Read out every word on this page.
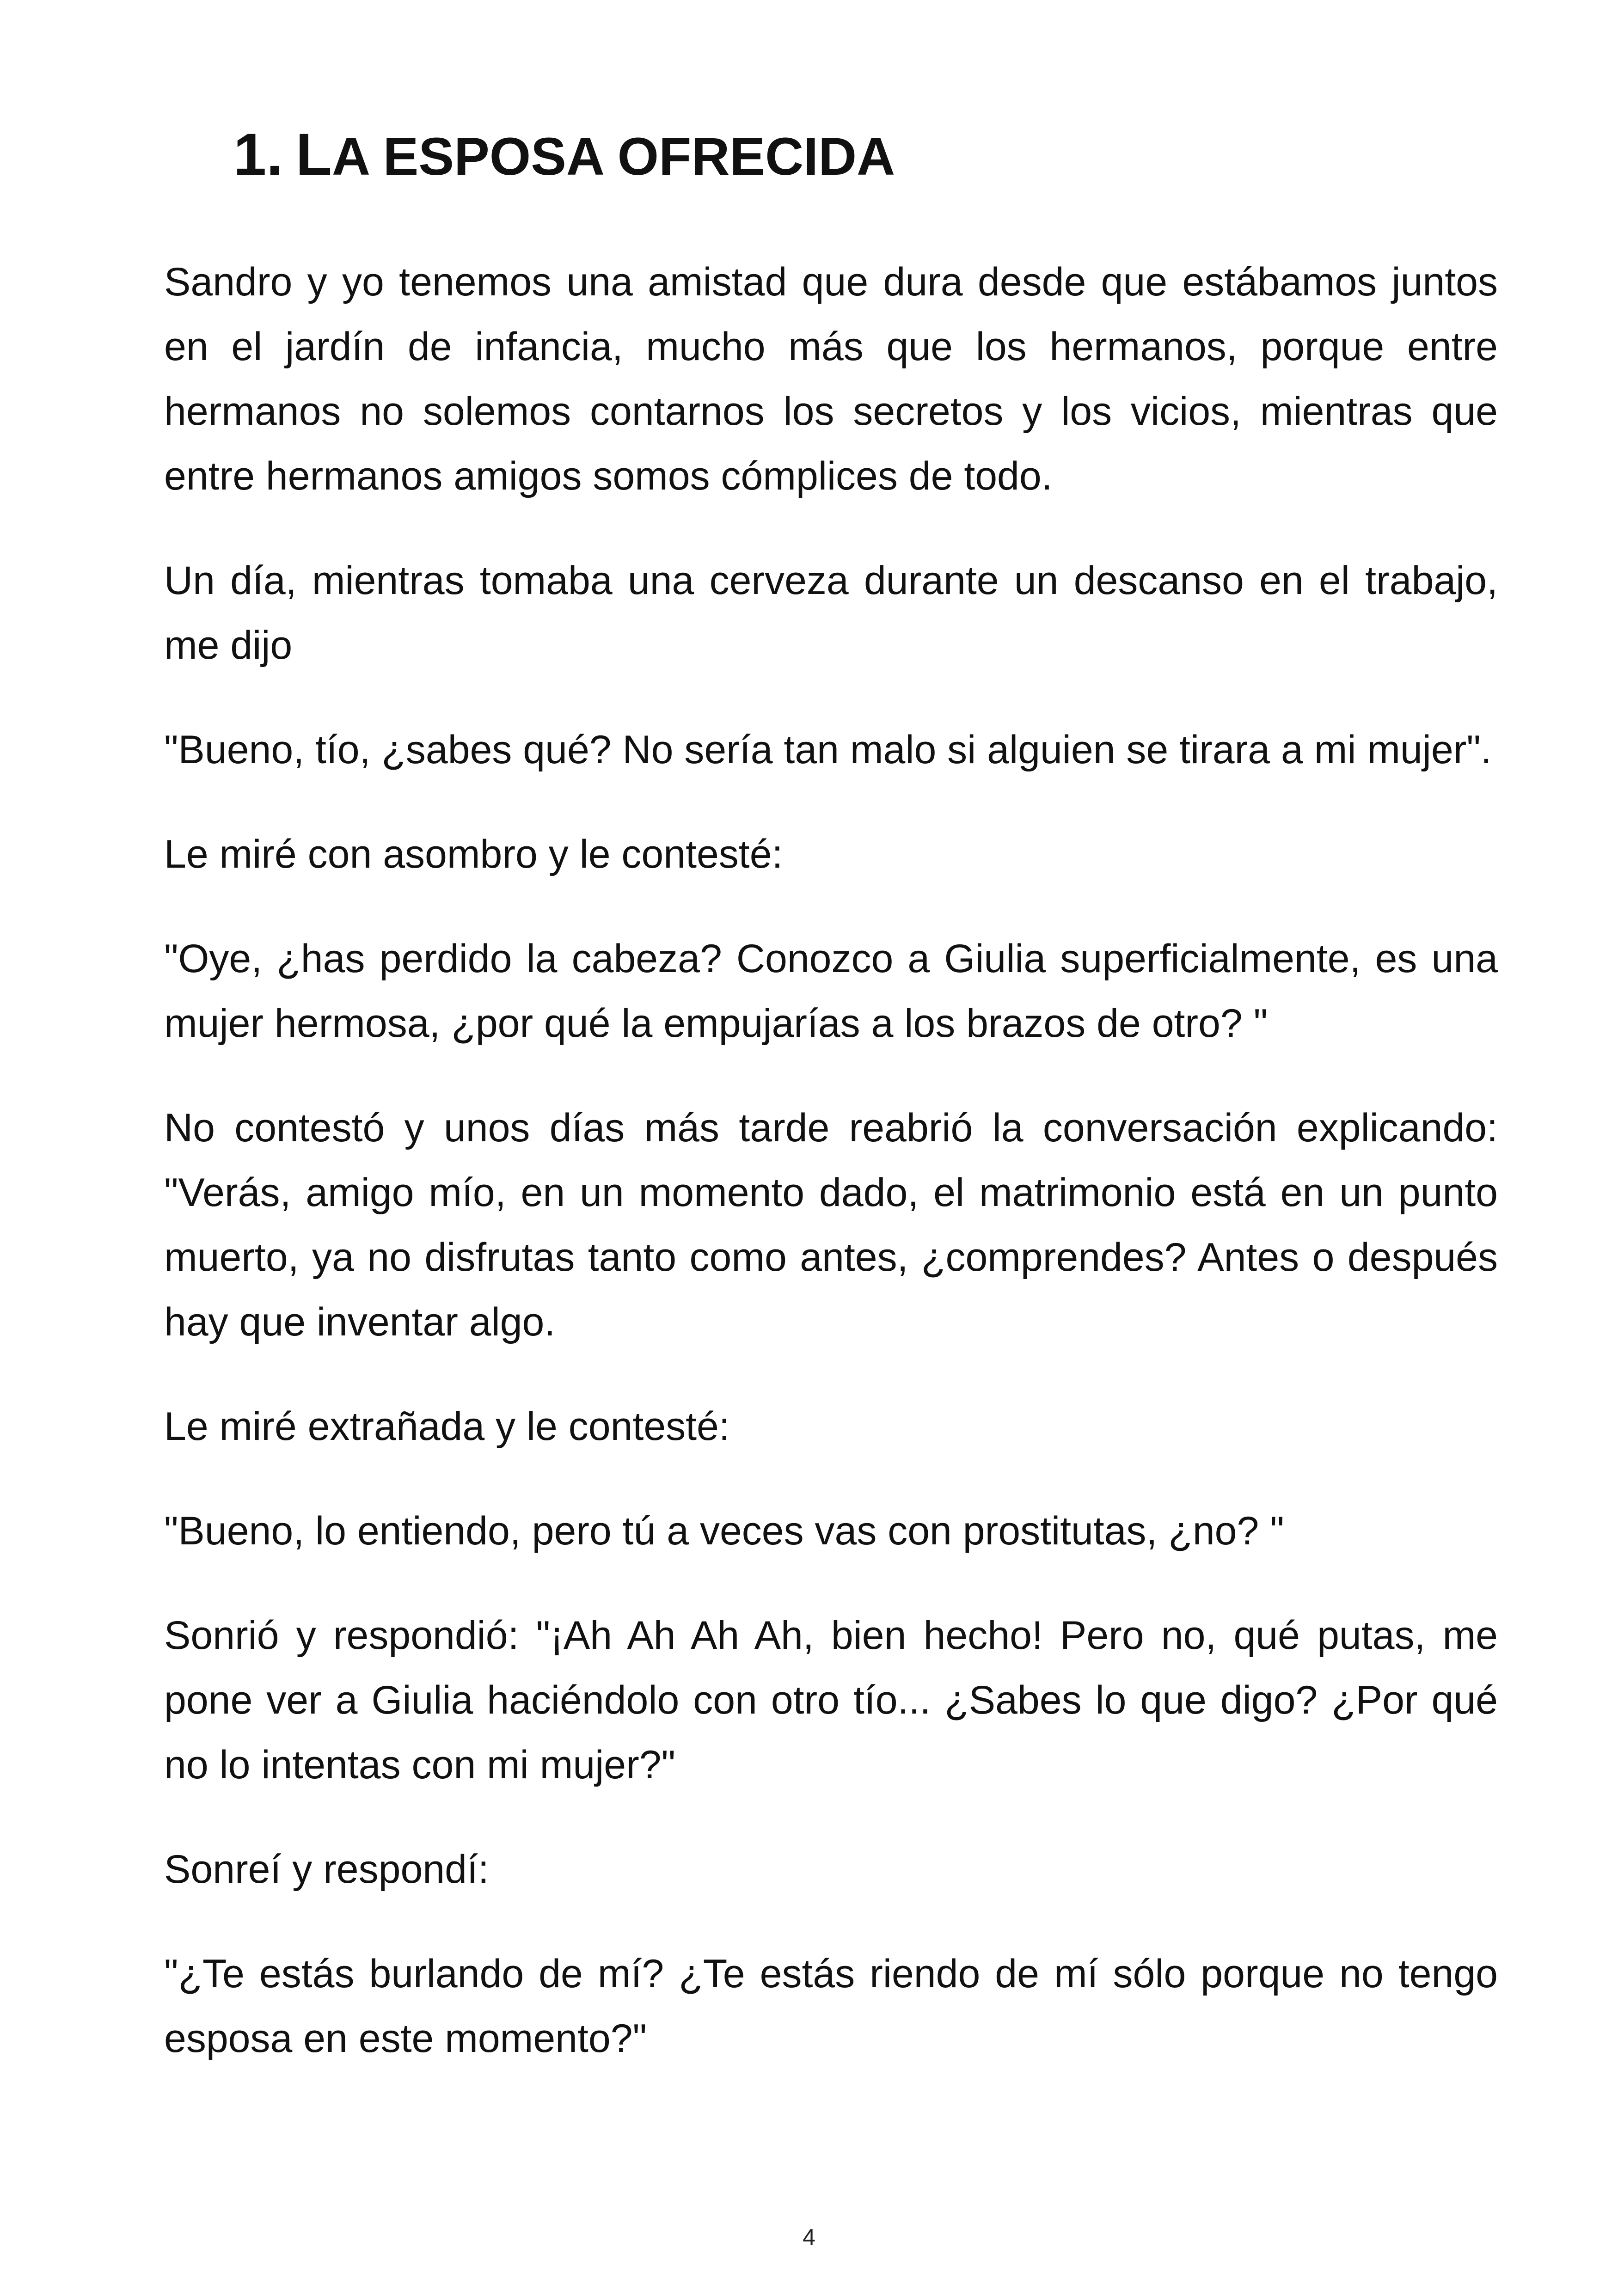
1. LA ESPOSA OFRECIDA

Sandro y yo tenemos una amistad que dura desde que estábamos juntos en el jardín de infancia, mucho más que los hermanos, porque entre hermanos no solemos contarnos los secretos y los vicios, mientras que entre hermanos amigos somos cómplices de todo.

Un día, mientras tomaba una cerveza durante un descanso en el trabajo, me dijo

"Bueno, tío, ¿sabes qué? No sería tan malo si alguien se tirara a mi mujer".

Le miré con asombro y le contesté:

"Oye, ¿has perdido la cabeza? Conozco a Giulia superficialmente, es una mujer hermosa, ¿por qué la empujarías a los brazos de otro? "

No contestó y unos días más tarde reabrió la conversación explicando: "Verás, amigo mío, en un momento dado, el matrimonio está en un punto muerto, ya no disfrutas tanto como antes, ¿comprendes? Antes o después hay que inventar algo.

Le miré extrañada y le contesté:

"Bueno, lo entiendo, pero tú a veces vas con prostitutas, ¿no? "

Sonrió y respondió: "¡Ah Ah Ah Ah, bien hecho! Pero no, qué putas, me pone ver a Giulia haciéndolo con otro tío... ¿Sabes lo que digo? ¿Por qué no lo intentas con mi mujer?"

Sonreí y respondí:

"¿Te estás burlando de mí? ¿Te estás riendo de mí sólo porque no tengo esposa en este momento?"

4
